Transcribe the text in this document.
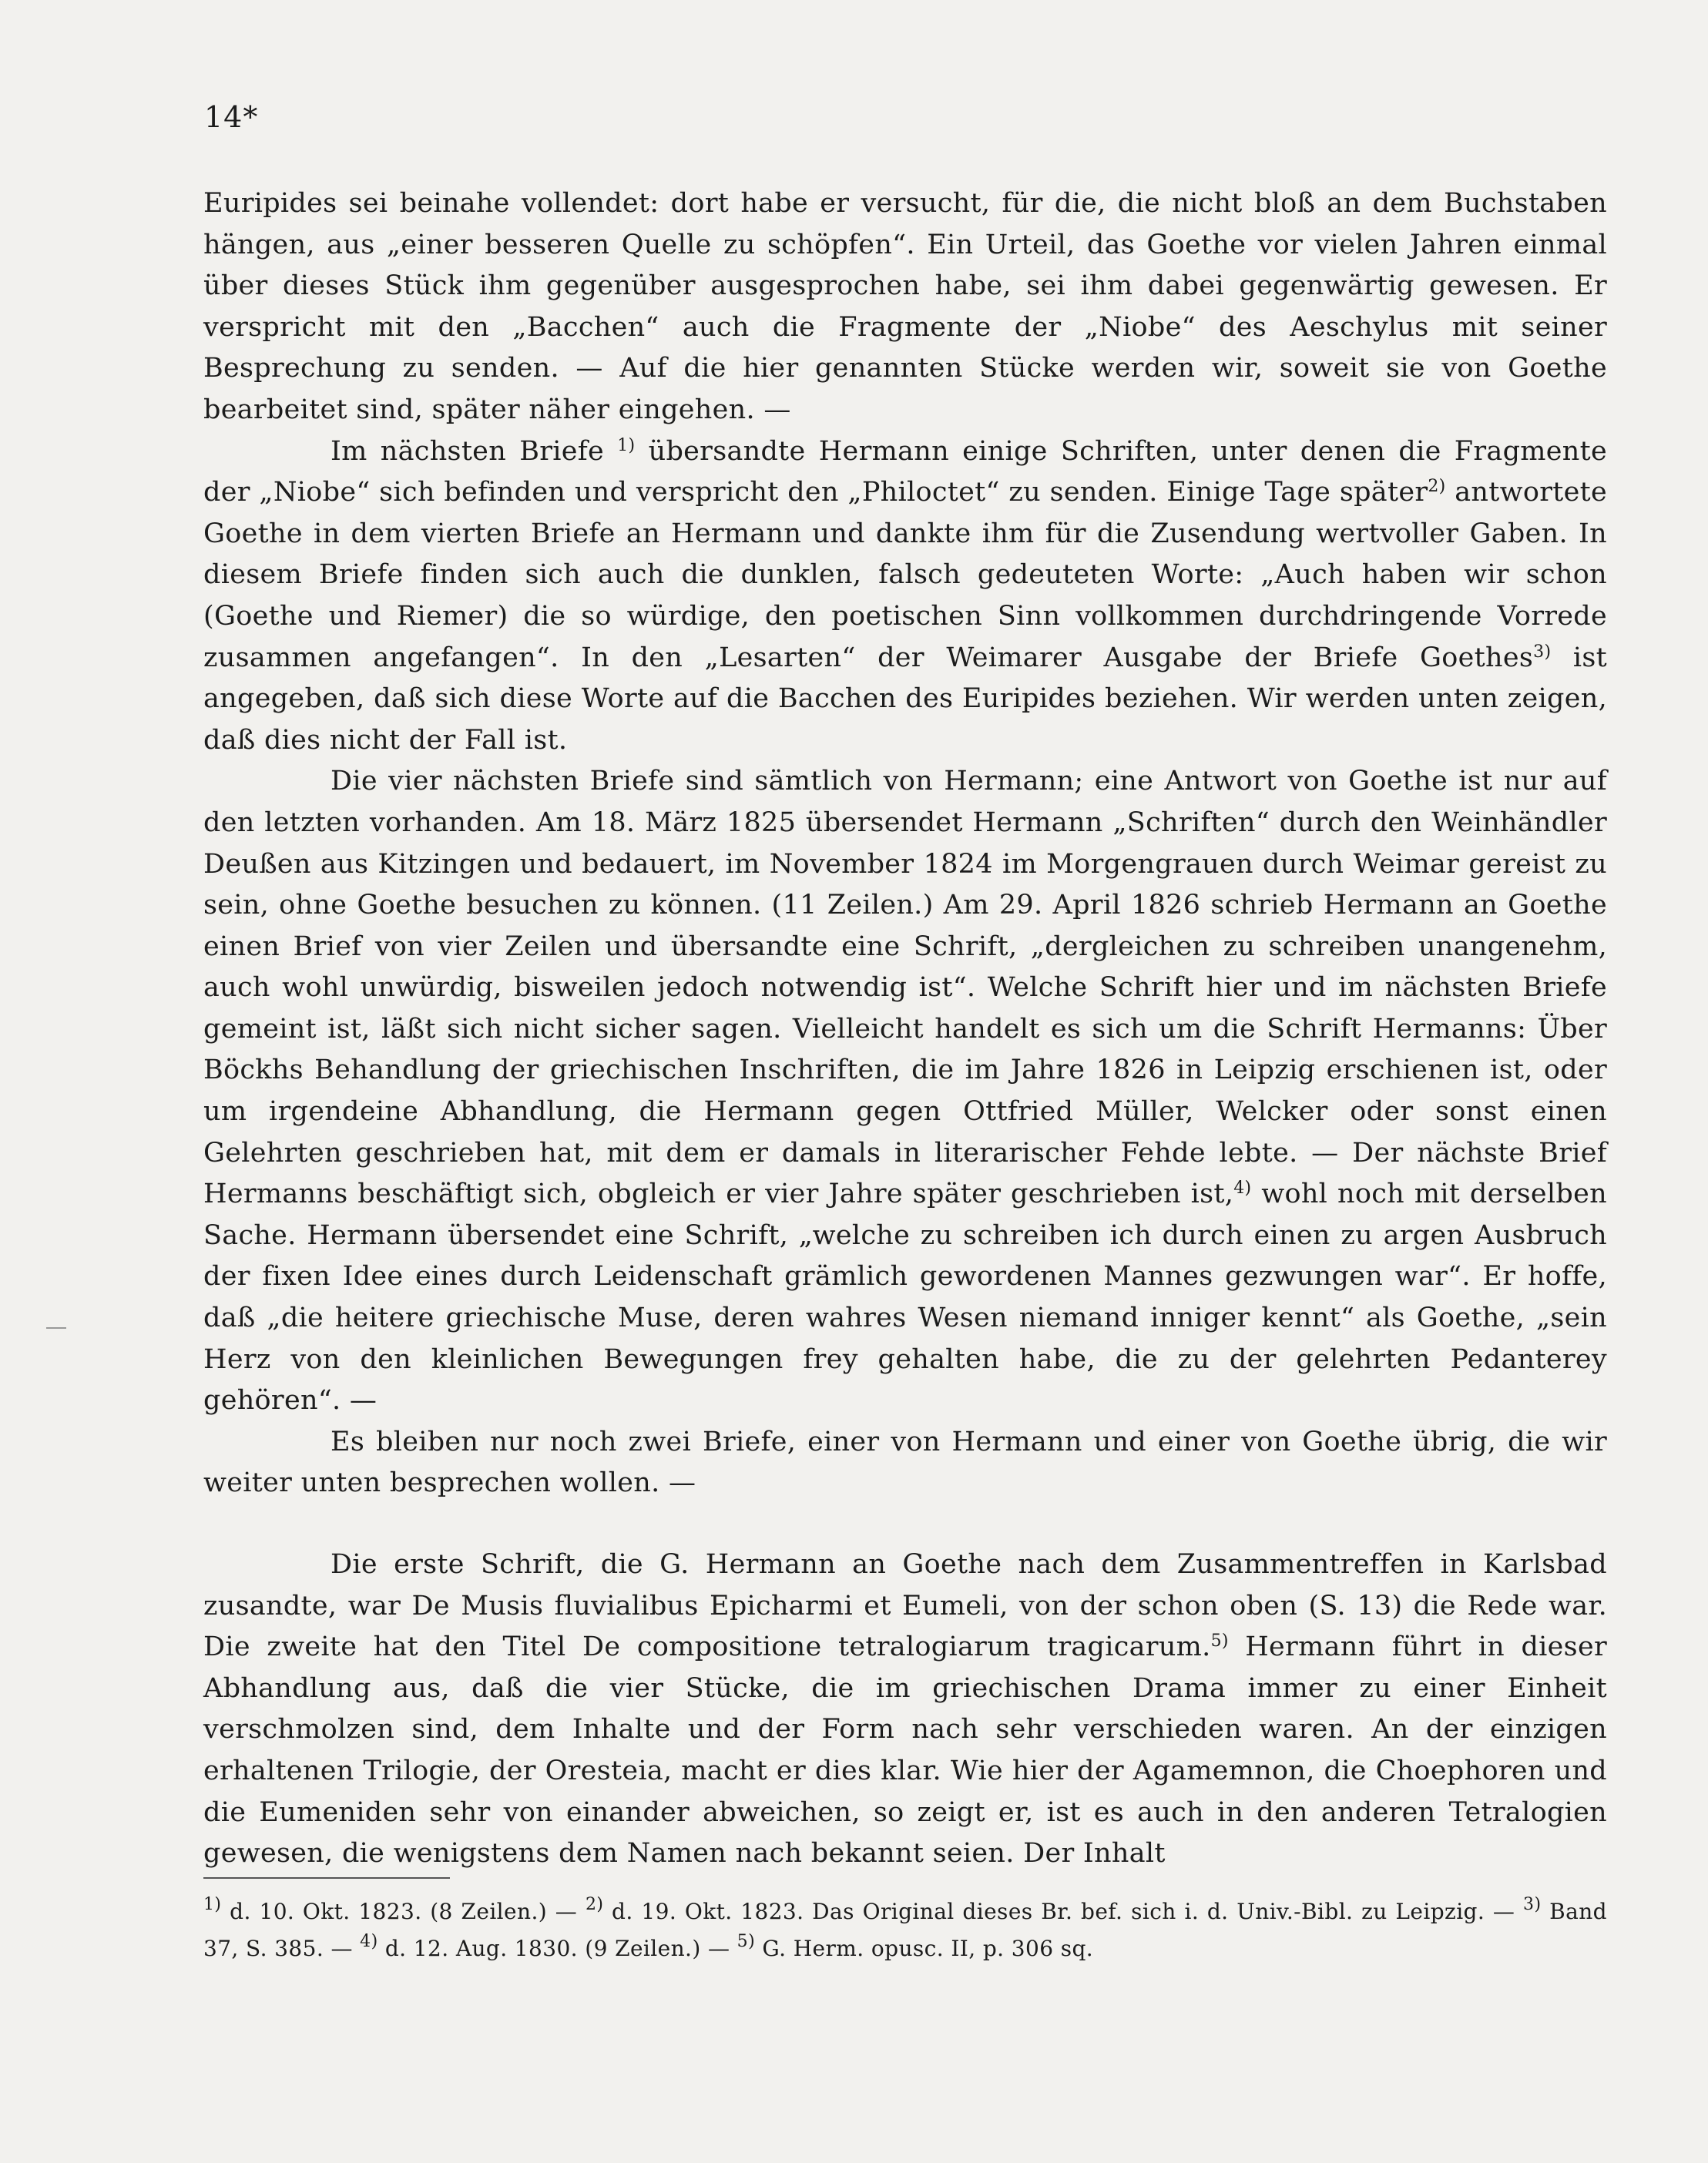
14*

Euripides sei beinahe vollendet: dort habe er versucht, für die, die nicht bloß an dem Buchstaben hängen, aus „einer besseren Quelle zu schöpfen“. Ein Urteil, das Goethe vor vielen Jahren einmal über dieses Stück ihm gegenüber ausgesprochen habe, sei ihm dabei gegenwärtig gewesen. Er verspricht mit den „Bacchen“ auch die Fragmente der „Niobe“ des Aeschylus mit seiner Besprechung zu senden. — Auf die hier genannten Stücke werden wir, soweit sie von Goethe bearbeitet sind, später näher eingehen. —

Im nächsten Briefe $^{1)}$ übersandte Hermann einige Schriften, unter denen die Fragmente der „Niobe“ sich befinden und verspricht den „Philoctet“ zu senden. Einige Tage später$^{2)}$ antwortete Goethe in dem vierten Briefe an Hermann und dankte ihm für die Zusendung wertvoller Gaben. In diesem Briefe finden sich auch die dunklen, falsch gedeuteten Worte: „Auch haben wir schon (Goethe und Riemer) die so würdige, den poetischen Sinn vollkommen durchdringende Vorrede zusammen angefangen“. In den „Lesarten“ der Weimarer Ausgabe der Briefe Goethes$^{3)}$ ist angegeben, daß sich diese Worte auf die Bacchen des Euripides beziehen. Wir werden unten zeigen, daß dies nicht der Fall ist.

Die vier nächsten Briefe sind sämtlich von Hermann; eine Antwort von Goethe ist nur auf den letzten vorhanden. Am 18. März 1825 übersendet Hermann „Schriften“ durch den Weinhändler Deußen aus Kitzingen und bedauert, im November 1824 im Morgengrauen durch Weimar gereist zu sein, ohne Goethe besuchen zu können. (11 Zeilen.) Am 29. April 1826 schrieb Hermann an Goethe einen Brief von vier Zeilen und übersandte eine Schrift, „dergleichen zu schreiben unangenehm, auch wohl unwürdig, bisweilen jedoch notwendig ist“. Welche Schrift hier und im nächsten Briefe gemeint ist, läßt sich nicht sicher sagen. Vielleicht handelt es sich um die Schrift Hermanns: Über Böckhs Behandlung der griechischen Inschriften, die im Jahre 1826 in Leipzig erschienen ist, oder um irgendeine Abhandlung, die Hermann gegen Ottfried Müller, Welcker oder sonst einen Gelehrten geschrieben hat, mit dem er damals in literarischer Fehde lebte. — Der nächste Brief Hermanns beschäftigt sich, obgleich er vier Jahre später geschrieben ist,$^{4)}$ wohl noch mit derselben Sache. Hermann übersendet eine Schrift, „welche zu schreiben ich durch einen zu argen Ausbruch der fixen Idee eines durch Leidenschaft grämlich gewordenen Mannes gezwungen war“. Er hoffe, daß „die heitere griechische Muse, deren wahres Wesen niemand inniger kennt“ als Goethe, „sein Herz von den kleinlichen Bewegungen frey gehalten habe, die zu der gelehrten Pedanterey gehören“. —

Es bleiben nur noch zwei Briefe, einer von Hermann und einer von Goethe übrig, die wir weiter unten besprechen wollen. —

Die erste Schrift, die G. Hermann an Goethe nach dem Zusammentreffen in Karlsbad zusandte, war De Musis fluvialibus Epicharmi et Eumeli, von der schon oben (S. 13) die Rede war. Die zweite hat den Titel De compositione tetralogiarum tragicarum.$^{5)}$ Hermann führt in dieser Abhandlung aus, daß die vier Stücke, die im griechischen Drama immer zu einer Einheit verschmolzen sind, dem Inhalte und der Form nach sehr verschieden waren. An der einzigen erhaltenen Trilogie, der Oresteia, macht er dies klar. Wie hier der Agamemnon, die Choephoren und die Eumeniden sehr von einander abweichen, so zeigt er, ist es auch in den anderen Tetralogien gewesen, die wenigstens dem Namen nach bekannt seien. Der Inhalt

$^{1)}$ d. 10. Okt. 1823. (8 Zeilen.) — $^{2)}$ d. 19. Okt. 1823. Das Original dieses Br. bef. sich i. d. Univ.-Bibl. zu Leipzig. — $^{3)}$ Band 37, S. 385. — $^{4)}$ d. 12. Aug. 1830. (9 Zeilen.) — $^{5)}$ G. Herm. opusc. II, p. 306 sq.
